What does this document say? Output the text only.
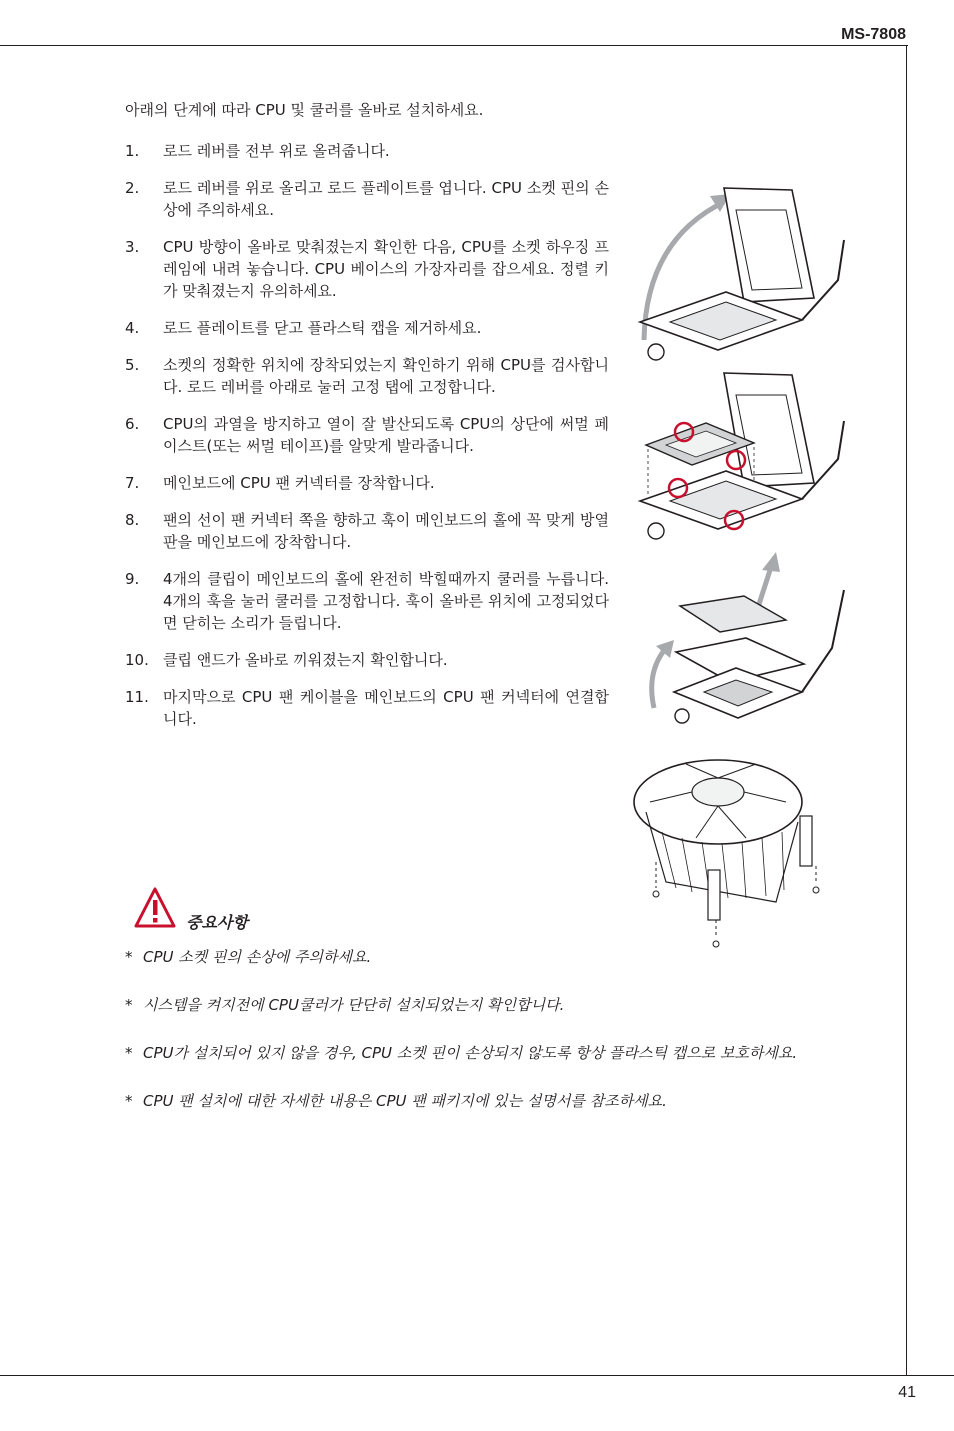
MS-7808
아래의 단계에 따라 CPU 및 쿨러를 올바로 설치하세요.
1.	로드 레버를 전부 위로 올려줍니다.
2.	로드 레버를 위로 올리고 로드 플레이트를 엽니다. CPU 소켓 핀의 손상에 주의하세요.
3.	CPU 방향이 올바로 맞춰졌는지 확인한 다음, CPU를 소켓 하우징 프레임에 내려 놓습니다. CPU 베이스의 가장자리를 잡으세요. 정렬 키가 맞춰졌는지 유의하세요.
4.	로드 플레이트를 닫고 플라스틱 캡을 제거하세요.
5.	소켓의 정확한 위치에 장착되었는지 확인하기 위해 CPU를 검사합니다. 로드 레버를 아래로 눌러 고정 탭에 고정합니다.
6.	CPU의 과열을 방지하고 열이 잘 발산되도록 CPU의 상단에 써멀 페이스트(또는 써멀 테이프)를 알맞게 발라줍니다.
7.	메인보드에 CPU 팬 커넥터를 장착합니다.
8.	팬의 선이 팬 커넥터 쪽을 향하고 훅이 메인보드의 홀에 꼭 맞게 방열판을 메인보드에 장착합니다.
9.	4개의 클립이 메인보드의 홀에 완전히 박힐때까지 쿨러를 누릅니다. 4개의 훅을 눌러 쿨러를 고정합니다. 훅이 올바른 위치에 고정되었다면 닫히는 소리가 들립니다.
10. 클립 앤드가 올바로 끼워졌는지 확인합니다.
11. 마지막으로 CPU 팬 케이블을 메인보드의 CPU 팬 커넥터에 연결합니다.
중요사항
* CPU 소켓 핀의 손상에 주의하세요.
* 시스템을 켜지전에 CPU쿨러가 단단히 설치되었는지 확인합니다.
* CPU가 설치되어 있지 않을 경우, CPU 소켓 핀이 손상되지 않도록 항상 플라스틱 캡으로 보호하세요.
* CPU 팬 설치에 대한 자세한 내용은 CPU 팬 패키지에 있는 설명서를 참조하세요.
41
